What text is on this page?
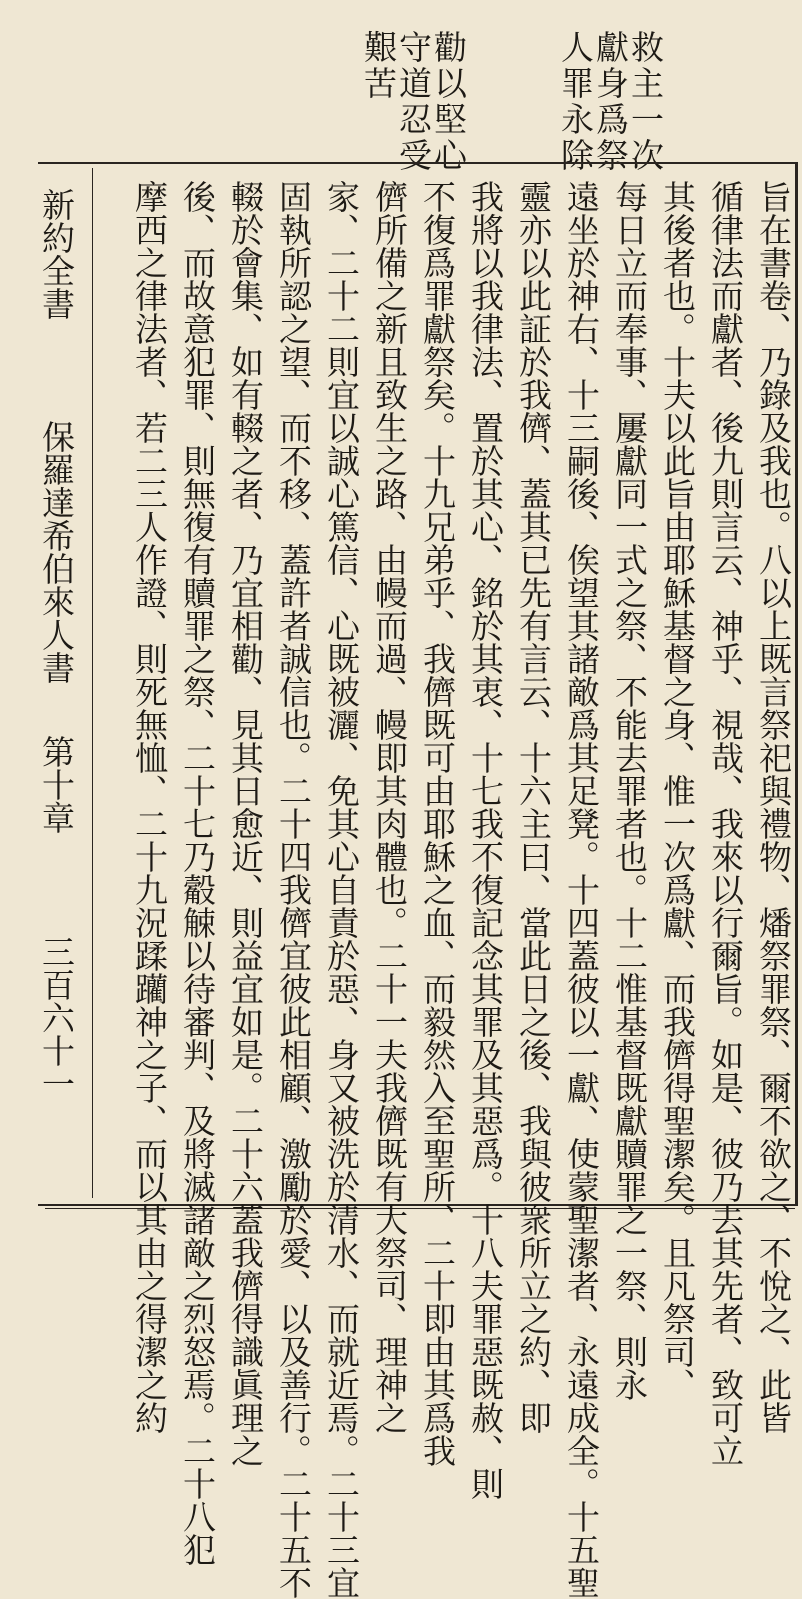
救主一次
獻身爲祭
人罪永除
勸以堅心
守道忍受
艱苦
旨在書卷、乃錄及我也。八以上既言祭祀與禮物、燔祭罪祭、爾不欲之、不悅之、此皆
循律法而獻者、後九則言云、神乎、視哉、我來以行爾旨。如是、彼乃去其先者、致可立
其後者也。十夫以此旨由耶穌基督之身、惟一次爲獻、而我儕得聖潔矣。且凡祭司、
每日立而奉事、屢獻同一式之祭、不能去罪者也。十二惟基督既獻贖罪之一祭、則永
遠坐於神右、十三嗣後、俟望其諸敵爲其足凳。十四蓋彼以一獻、使蒙聖潔者、永遠成全。十五聖
靈亦以此証於我儕、蓋其已先有言云、十六主曰、當此日之後、我與彼衆所立之約、即
我將以我律法、置於其心、銘於其衷、十七我不復記念其罪及其惡爲。十八夫罪惡既赦、則
不復爲罪獻祭矣。十九兄弟乎、我儕既可由耶穌之血、而毅然入至聖所、二十即由其爲我
儕所備之新且致生之路、由幔而過、幔即其肉體也。二十一夫我儕既有大祭司、理神之
家、二十二則宜以誠心篤信、心既被灑、免其心自責於惡、身又被洗於清水、而就近焉。二十三宜
固執所認之望、而不移、蓋許者誠信也。二十四我儕宜彼此相顧、激勵於愛、以及善行。二十五不
輟於會集、如有輟之者、乃宜相勸、見其日愈近、則益宜如是。二十六蓋我儕得識眞理之
後、而故意犯罪、則無復有贖罪之祭、二十七乃觳觫以待審判、及將滅諸敵之烈怒焉。二十八犯
摩西之律法者、若二三人作證、則死無恤、二十九況蹂躪神之子、而以其由之得潔之約
新約全書
保羅達希伯來人書
第十章
三百六十一
